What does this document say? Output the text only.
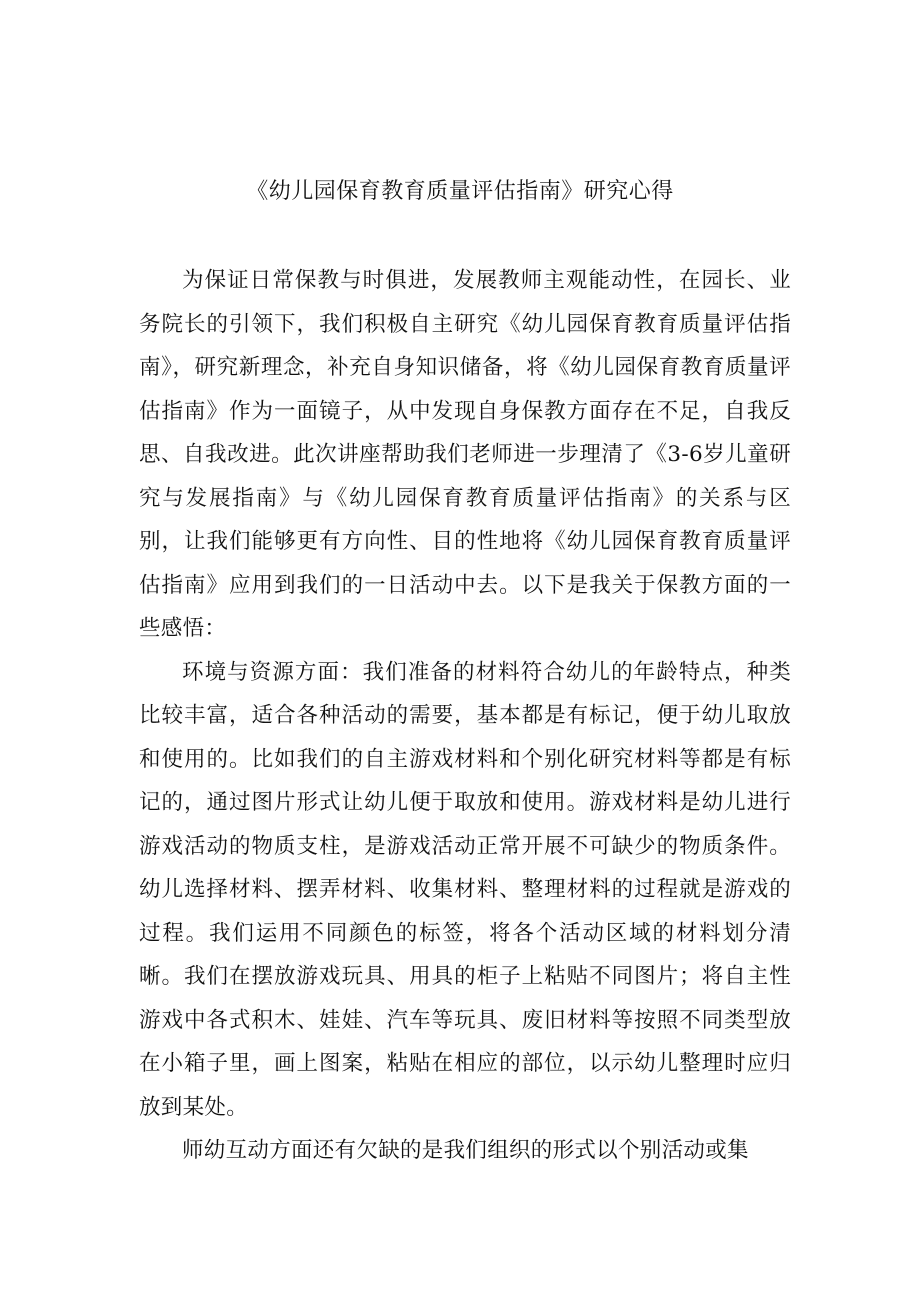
《幼儿园保育教育质量评估指南》研究心得

为保证日常保教与时俱进，发展教师主观能动性，在园长、业务院长的引领下，我们积极自主研究《幼儿园保育教育质量评估指南》，研究新理念，补充自身知识储备，将《幼儿园保育教育质量评估指南》作为一面镜子，从中发现自身保教方面存在不足，自我反思、自我改进。此次讲座帮助我们老师进一步理清了《3-6岁儿童研究与发展指南》与《幼儿园保育教育质量评估指南》的关系与区别，让我们能够更有方向性、目的性地将《幼儿园保育教育质量评估指南》应用到我们的一日活动中去。以下是我关于保教方面的一些感悟：

环境与资源方面：我们准备的材料符合幼儿的年龄特点，种类比较丰富，适合各种活动的需要，基本都是有标记，便于幼儿取放和使用的。比如我们的自主游戏材料和个别化研究材料等都是有标记的，通过图片形式让幼儿便于取放和使用。游戏材料是幼儿进行游戏活动的物质支柱，是游戏活动正常开展不可缺少的物质条件。幼儿选择材料、摆弄材料、收集材料、整理材料的过程就是游戏的过程。我们运用不同颜色的标签，将各个活动区域的材料划分清晰。我们在摆放游戏玩具、用具的柜子上粘贴不同图片；将自主性游戏中各式积木、娃娃、汽车等玩具、废旧材料等按照不同类型放在小箱子里，画上图案，粘贴在相应的部位，以示幼儿整理时应归放到某处。

师幼互动方面还有欠缺的是我们组织的形式以个别活动或集
